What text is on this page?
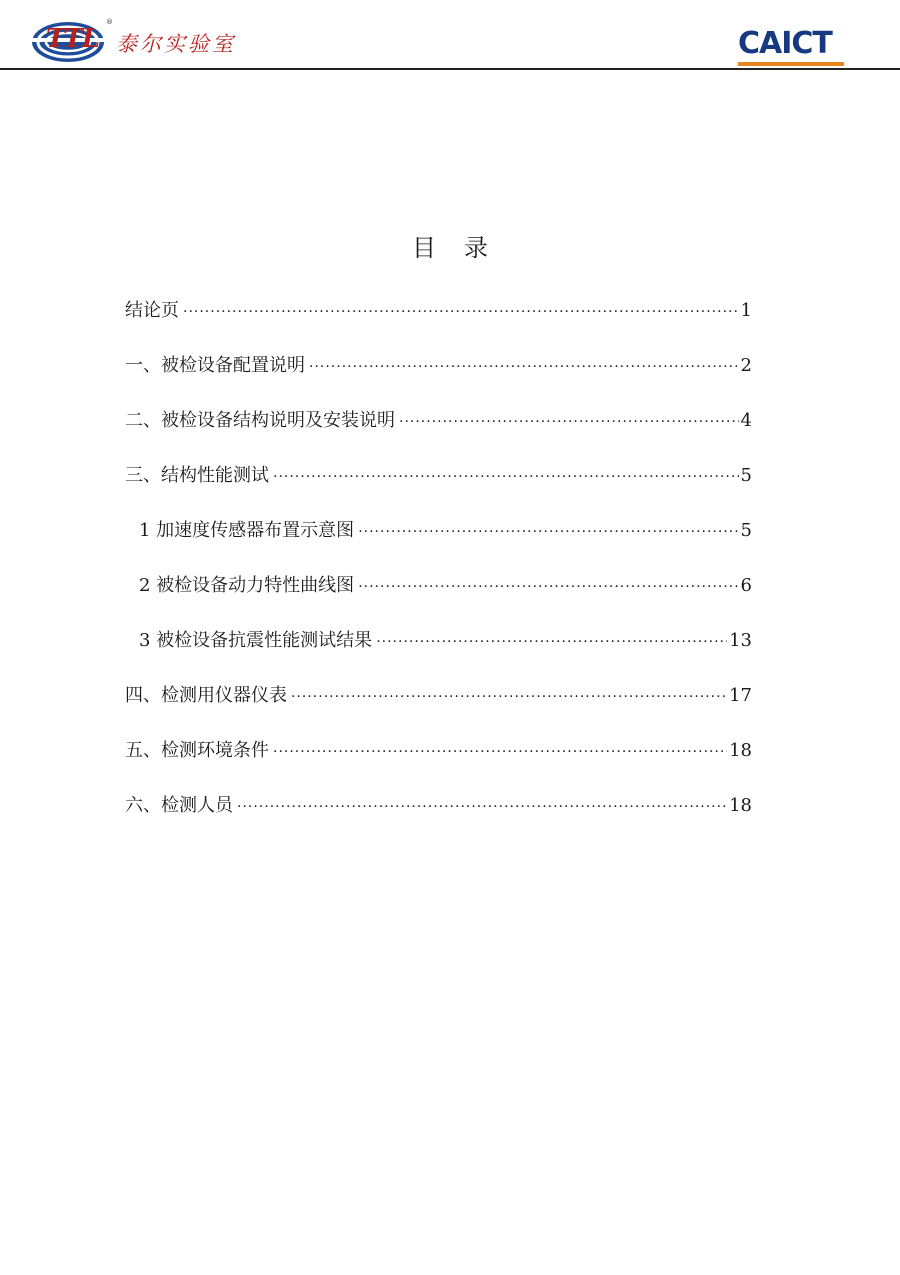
TTL
®
泰尔实验室	CAICT
目录
结论页 ·····	1
一、被检设备配置说明 ·····	2
二、被检设备结构说明及安装说明 ·····	4
三、结构性能测试 ·····	5
1 加速度传感器布置示意图 ·····	5
2 被检设备动力特性曲线图 ·····	6
3 被检设备抗震性能测试结果 ·····	13
四、检测用仪器仪表 ·····	17
五、检测环境条件 ·····	18
六、检测人员 ·····	18
